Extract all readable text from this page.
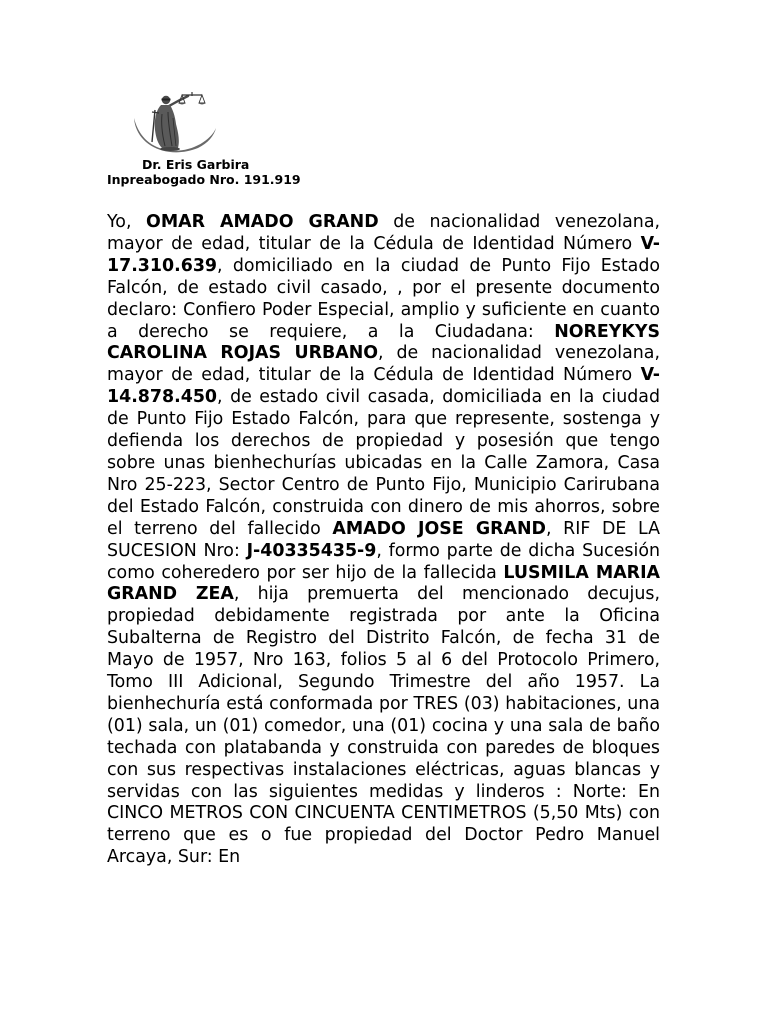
Dr. Eris Garbira
Inpreabogado Nro. 191.919

Yo, OMAR AMADO GRAND de nacionalidad venezolana, mayor de edad, titular de la Cédula de Identidad Número V-17.310.639, domiciliado en la ciudad de Punto Fijo Estado Falcón, de estado civil casado, , por el presente documento declaro: Confiero Poder Especial, amplio y suficiente en cuanto a derecho se requiere, a la Ciudadana: NOREYKYS CAROLINA ROJAS URBANO, de nacionalidad venezolana, mayor de edad, titular de la Cédula de Identidad Número V-14.878.450, de estado civil casada, domiciliada en la ciudad de Punto Fijo Estado Falcón, para que represente, sostenga y defienda los derechos de propiedad y posesión que tengo sobre unas bienhechurías ubicadas en la Calle Zamora, Casa Nro 25-223, Sector Centro de Punto Fijo, Municipio Carirubana del Estado Falcón, construida con dinero de mis ahorros, sobre el terreno del fallecido AMADO JOSE GRAND, RIF DE LA SUCESION Nro: J-40335435-9, formo parte de dicha Sucesión como coheredero por ser hijo de la fallecida LUSMILA MARIA GRAND ZEA, hija premuerta del mencionado decujus, propiedad debidamente registrada por ante la Oficina Subalterna de Registro del Distrito Falcón, de fecha 31 de Mayo de 1957, Nro 163, folios 5 al 6 del Protocolo Primero, Tomo III Adicional, Segundo Trimestre del año 1957. La bienhechuría está conformada por TRES (03) habitaciones, una (01) sala, un (01) comedor, una (01) cocina y una sala de baño techada con platabanda y construida con paredes de bloques con sus respectivas instalaciones eléctricas, aguas blancas y servidas con las siguientes medidas y linderos : Norte: En CINCO METROS CON CINCUENTA CENTIMETROS (5,50 Mts) con terreno que es o fue propiedad del Doctor Pedro Manuel Arcaya, Sur: En
